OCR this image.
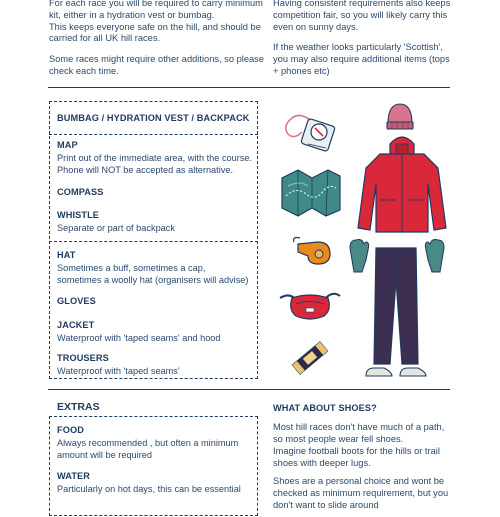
For each race you will be required to carry minimum kit, either in a hydration vest or bumbag.
This keeps everyone safe on the hill, and should be carried for all UK hill races.

Some races might require other additions, so please check each time.

Having consistent requirements also keeps competition fair, so you will likely carry this even on sunny days.

If the weather looks particularly 'Scottish', you may also require additional items (tops + phones etc)

BUMBAG / HYDRATION VEST / BACKPACK
MAP
Print out of the immediate area, with the course.
Phone will NOT be accepted as alternative.
COMPASS
WHISTLE
Separate or part of backpack
HAT
Sometimes a buff, sometimes a cap,
sometimes a woolly hat (organisers will advise)
GLOVES
JACKET
Waterproof with 'taped seams' and hood
TROUSERS
Waterproof with 'taped seams'
EXTRAS
FOOD
Always recommended , but often a minimum
amount will be required
WATER
Particularly on hot days, this can be essential
WHAT ABOUT SHOES?

Most hill races don't have much of a path,
so most people wear fell shoes.
Imagine football boots for the hills or trail
shoes with deeper lugs.

Shoes are a personal choice and wont be
checked as minimum requirement, but you
don't want to slide around
